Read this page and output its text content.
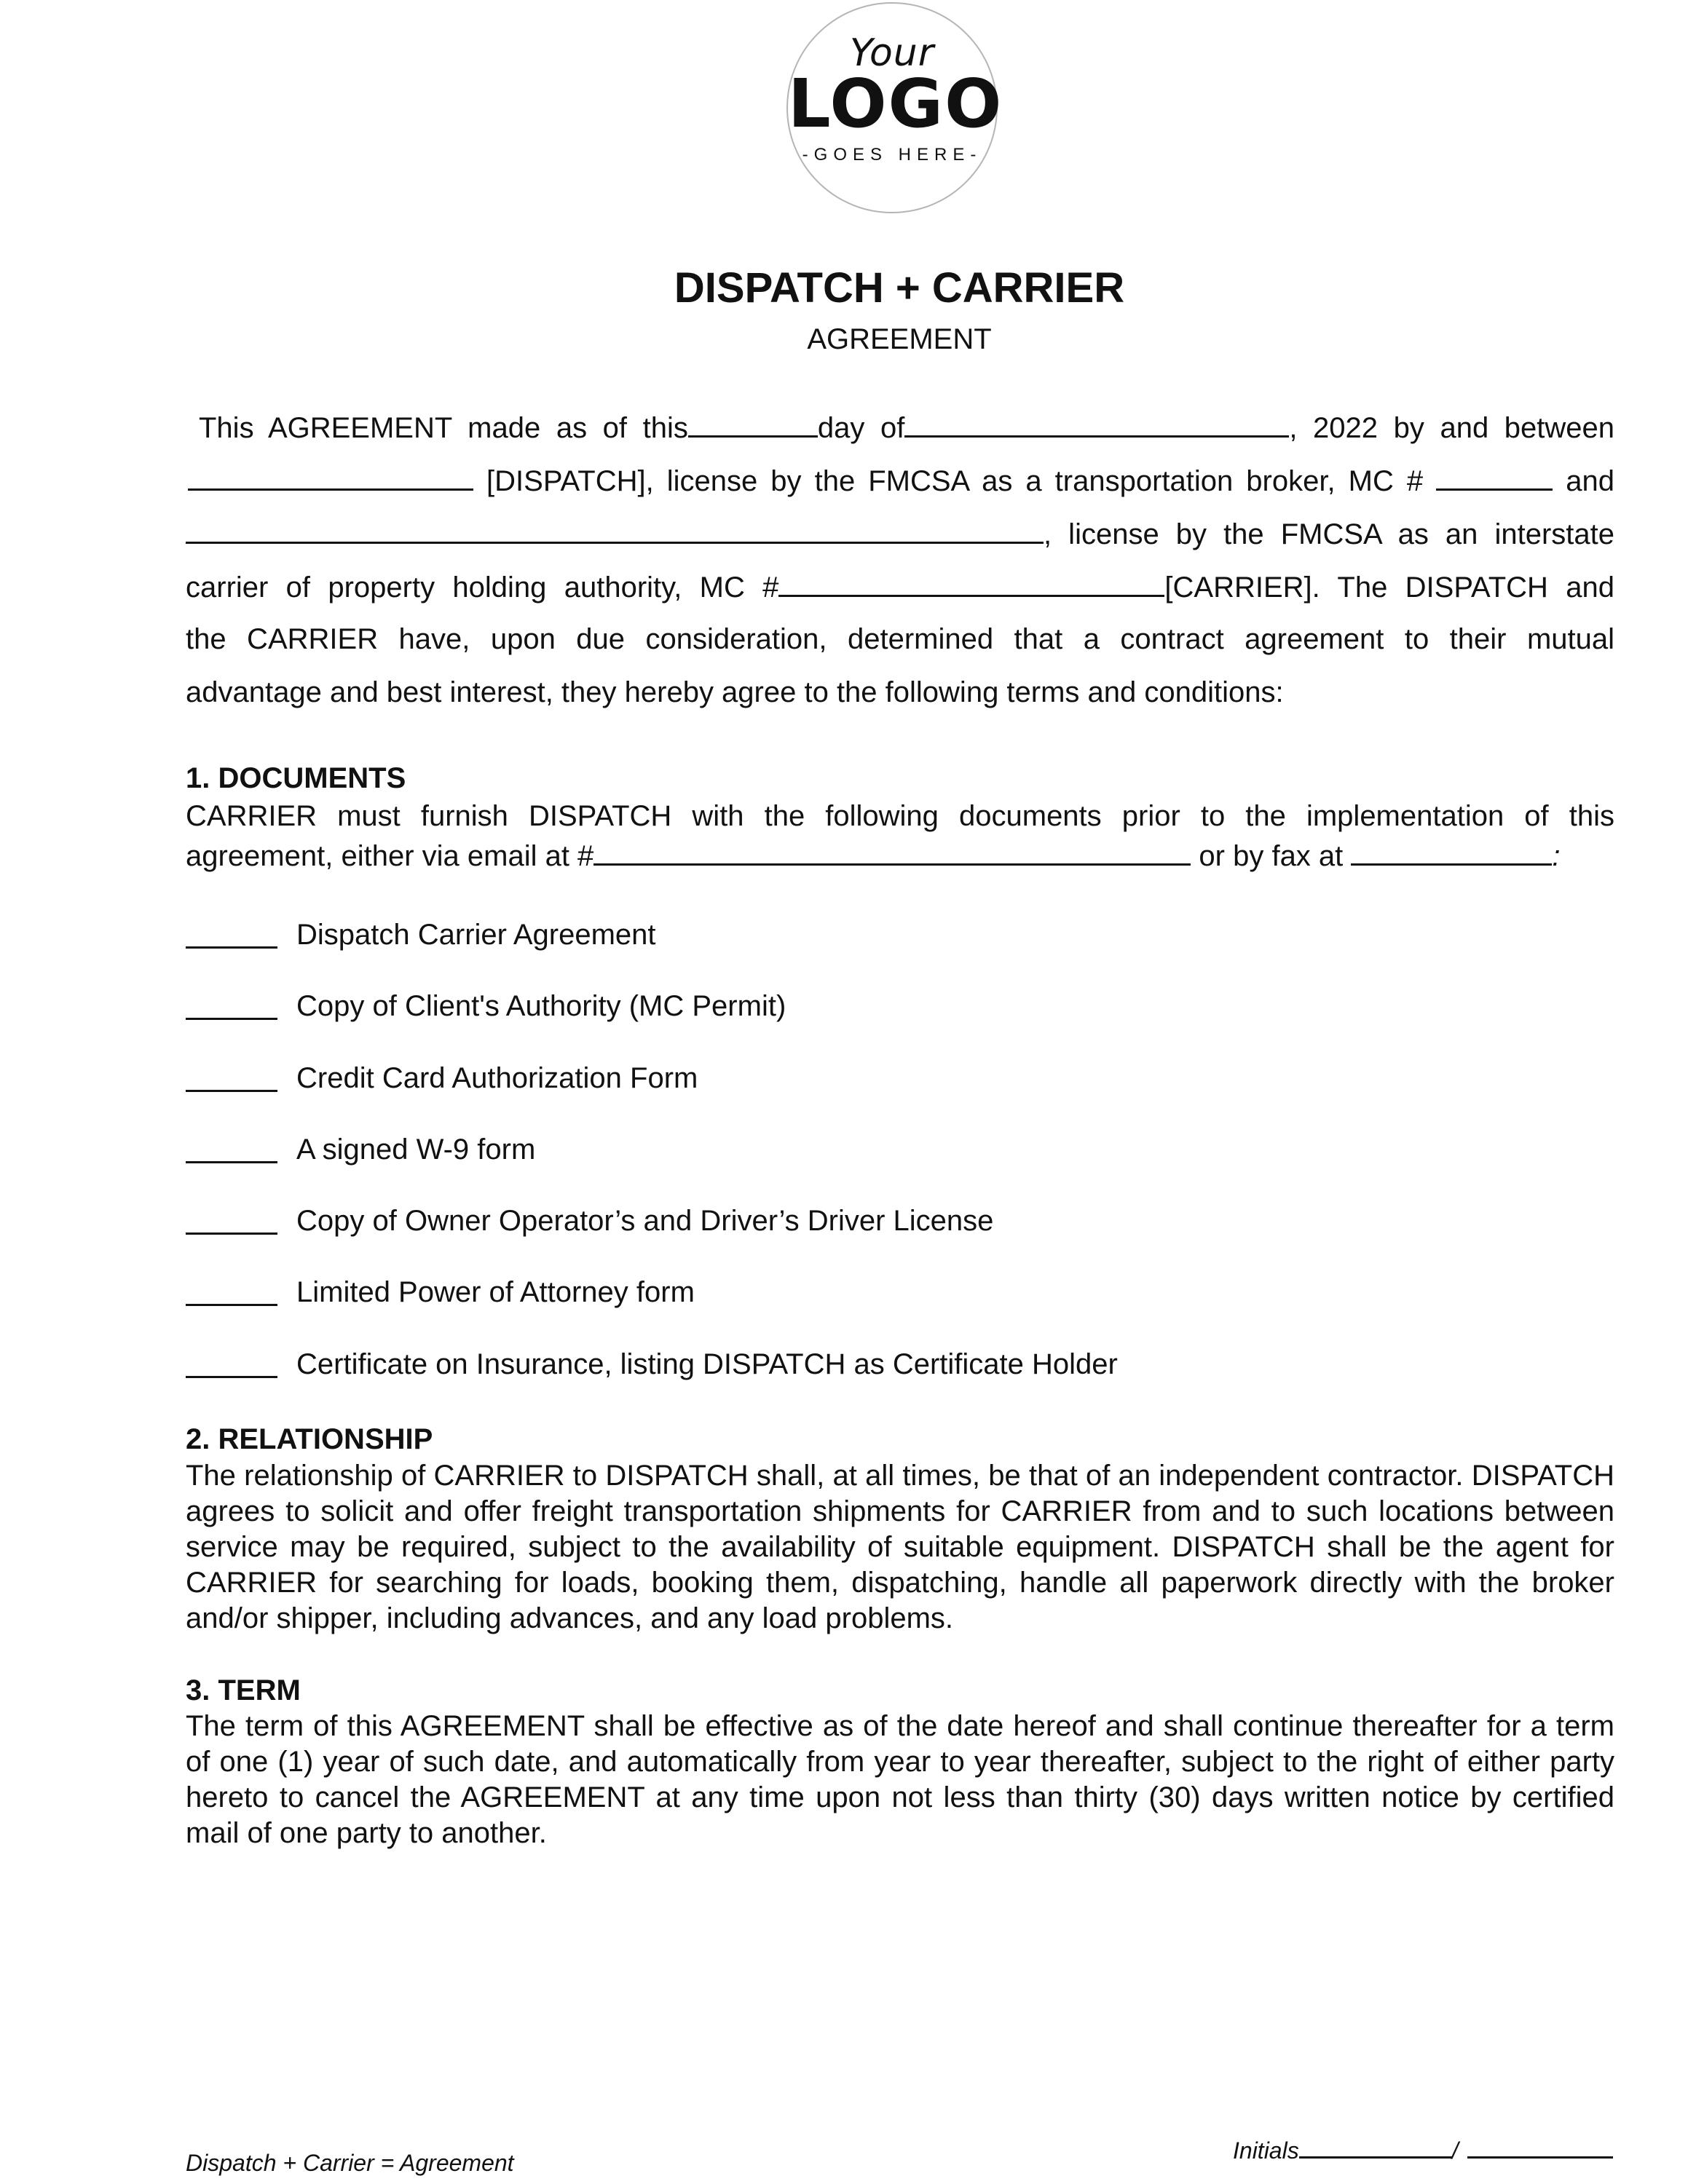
Your
LOGO
-GOES HERE-
DISPATCH + CARRIER
AGREEMENT
This AGREEMENT made as of this	day of	, 2022 by and between
[DISPATCH], license by the FMCSA as a transportation broker, MC #	and
, license by the FMCSA as an interstate
carrier of property holding authority, MC #	[CARRIER]. The DISPATCH and
the CARRIER have, upon due consideration, determined that a contract agreement to their mutual
advantage and best interest, they hereby agree to the following terms and conditions:
1. DOCUMENTS
CARRIER must furnish DISPATCH with the following documents prior to the implementation of this
agreement, either via email at #	or by fax at	:
Dispatch Carrier Agreement
Copy of Client's Authority (MC Permit)
Credit Card Authorization Form
A signed W-9 form
Copy of Owner Operator’s and Driver’s Driver License
Limited Power of Attorney form
Certificate on Insurance, listing DISPATCH as Certificate Holder
2. RELATIONSHIP
The relationship of CARRIER to DISPATCH shall, at all times, be that of an independent contractor. DISPATCH agrees to solicit and offer freight transportation shipments for CARRIER from and to such locations between service may be required, subject to the availability of suitable equipment. DISPATCH shall be the agent for CARRIER for searching for loads, booking them, dispatching, handle all paperwork directly with the broker and/or shipper, including advances, and any load problems.
3. TERM
The term of this AGREEMENT shall be effective as of the date hereof and shall continue thereafter for a term of one (1) year of such date, and automatically from year to year thereafter, subject to the right of either party hereto to cancel the AGREEMENT at any time upon not less than thirty (30) days written notice by certified mail of one party to another.
Dispatch + Carrier = Agreement	Initials	/
